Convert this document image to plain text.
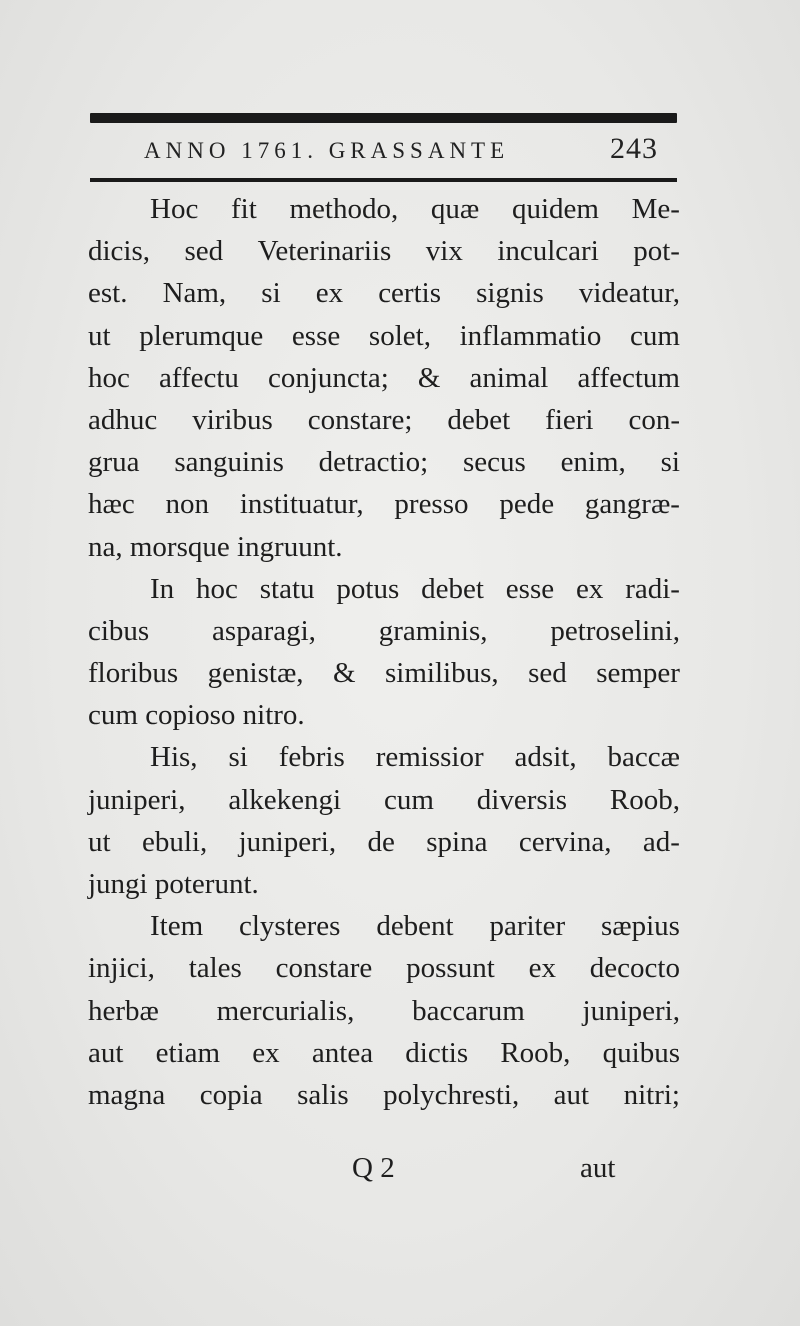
ANNO 1761. GRASSANTE	243
Hoc fit methodo, quæ quidem Me-
dicis, sed Veterinariis vix inculcari pot-
est. Nam, si ex certis signis videatur,
ut plerumque esse solet, inflammatio cum
hoc affectu conjuncta; & animal affectum
adhuc viribus constare; debet fieri con-
grua sanguinis detractio; secus enim, si
hæc non instituatur, presso pede gangræ-
na, morsque ingruunt.
In hoc statu potus debet esse ex radi-
cibus asparagi, graminis, petroselini,
floribus genistæ, & similibus, sed semper
cum copioso nitro.
His, si febris remissior adsit, baccæ
juniperi, alkekengi cum diversis Roob,
ut ebuli, juniperi, de spina cervina, ad-
jungi poterunt.
Item clysteres debent pariter sæpius
injici, tales constare possunt ex decocto
herbæ mercurialis, baccarum juniperi,
aut etiam ex antea dictis Roob, quibus
magna copia salis polychresti, aut nitri;
Q 2	aut
